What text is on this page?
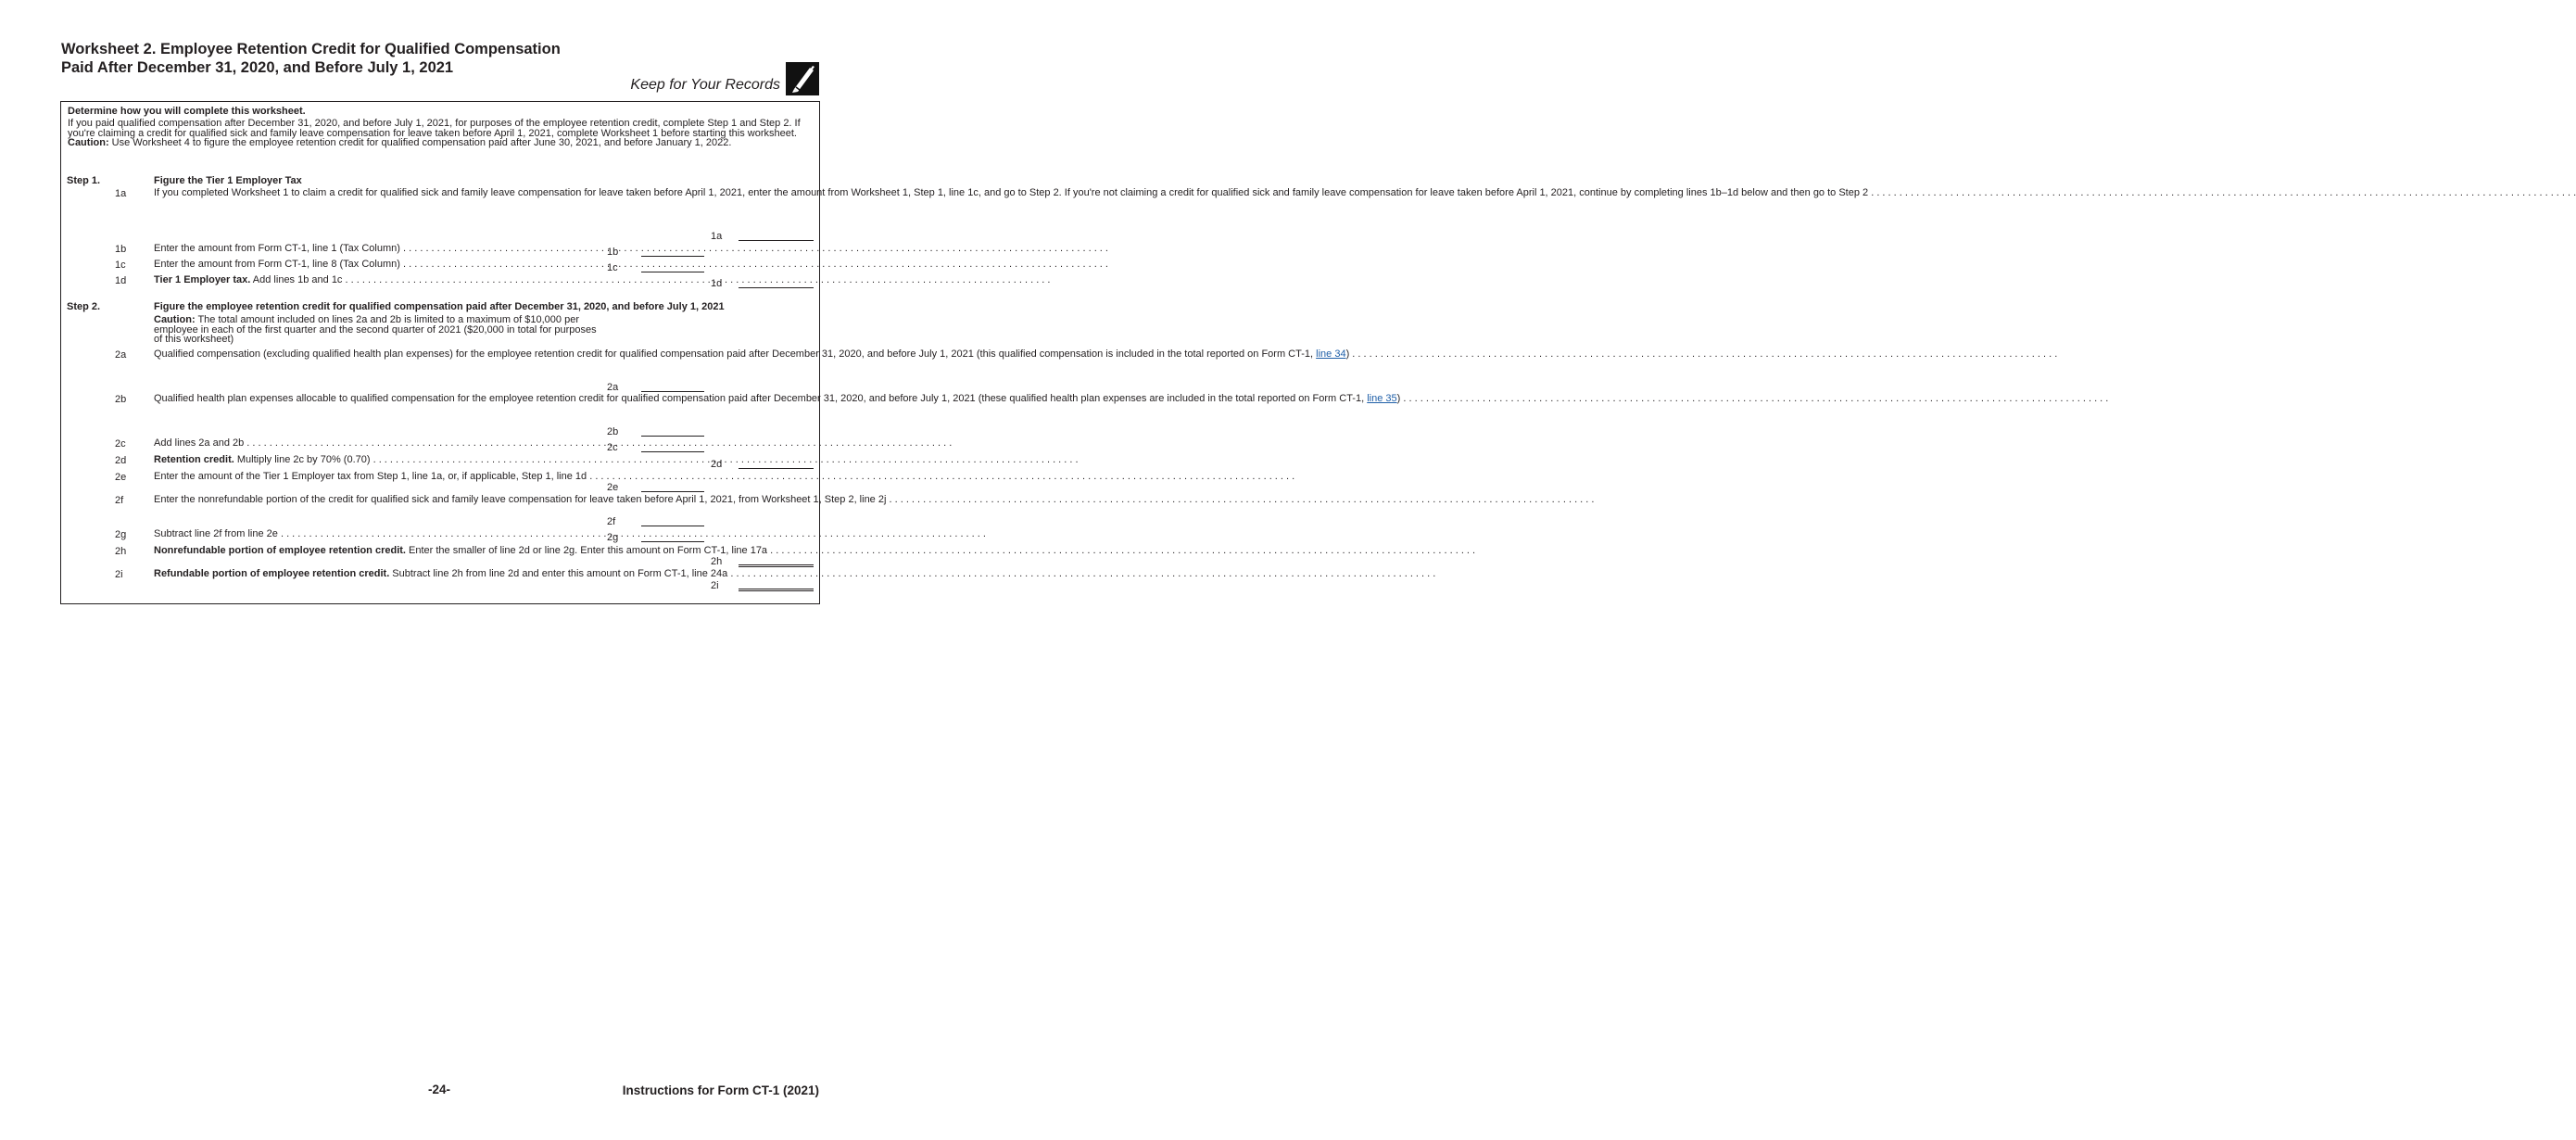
Worksheet 2. Employee Retention Credit for Qualified Compensation Paid After December 31, 2020, and Before July 1, 2021
Keep for Your Records
Determine how you will complete this worksheet.
If you paid qualified compensation after December 31, 2020, and before July 1, 2021, for purposes of the employee retention credit, complete Step 1 and Step 2. If you're claiming a credit for qualified sick and family leave compensation for leave taken before April 1, 2021, complete Worksheet 1 before starting this worksheet. Caution: Use Worksheet 4 to figure the employee retention credit for qualified compensation paid after June 30, 2021, and before January 1, 2022.
Step 1.	Figure the Tier 1 Employer Tax
1a	If you completed Worksheet 1 to claim a credit for qualified sick and family leave compensation for leave taken before April 1, 2021, enter the amount from Worksheet 1, Step 1, line 1c, and go to Step 2. If you're not claiming a credit for qualified sick and family leave compensation for leave taken before April 1, 2021, continue by completing lines 1b–1d below and then go to Step 2 . . .
1a
1b	Enter the amount from Form CT-1, line 1 (Tax Column) . . .	1b
1c	Enter the amount from Form CT-1, line 8 (Tax Column) . . .	1c
1d	Tier 1 Employer tax. Add lines 1b and 1c . . .	1d
Step 2.	Figure the employee retention credit for qualified compensation paid after December 31, 2020, and before July 1, 2021
Caution: The total amount included on lines 2a and 2b is limited to a maximum of $10,000 per employee in each of the first quarter and the second quarter of 2021 ($20,000 in total for purposes of this worksheet)
2a	Qualified compensation (excluding qualified health plan expenses) for the employee retention credit for qualified compensation paid after December 31, 2020, and before July 1, 2021 (this qualified compensation is included in the total reported on Form CT-1, line 34) . . .
2a
2b	Qualified health plan expenses allocable to qualified compensation for the employee retention credit for qualified compensation paid after December 31, 2020, and before July 1, 2021 (these qualified health plan expenses are included in the total reported on Form CT-1, line 35) . . .
2b
2c	Add lines 2a and 2b . . .	2c
2d	Retention credit. Multiply line 2c by 70% (0.70) . . .	2d
2e	Enter the amount of the Tier 1 Employer tax from Step 1, line 1a, or, if applicable, Step 1, line 1d . . .
2e
2f	Enter the nonrefundable portion of the credit for qualified sick and family leave compensation for leave taken before April 1, 2021, from Worksheet 1, Step 2, line 2j . . .
2f
2g	Subtract line 2f from line 2e . . .	2g
2h	Nonrefundable portion of employee retention credit. Enter the smaller of line 2d or line 2g. Enter this amount on Form CT-1, line 17a . . .
2h
2i	Refundable portion of employee retention credit. Subtract line 2h from line 2d and enter this amount on Form CT-1, line 24a . . .
2i
-24-	Instructions for Form CT-1 (2021)
